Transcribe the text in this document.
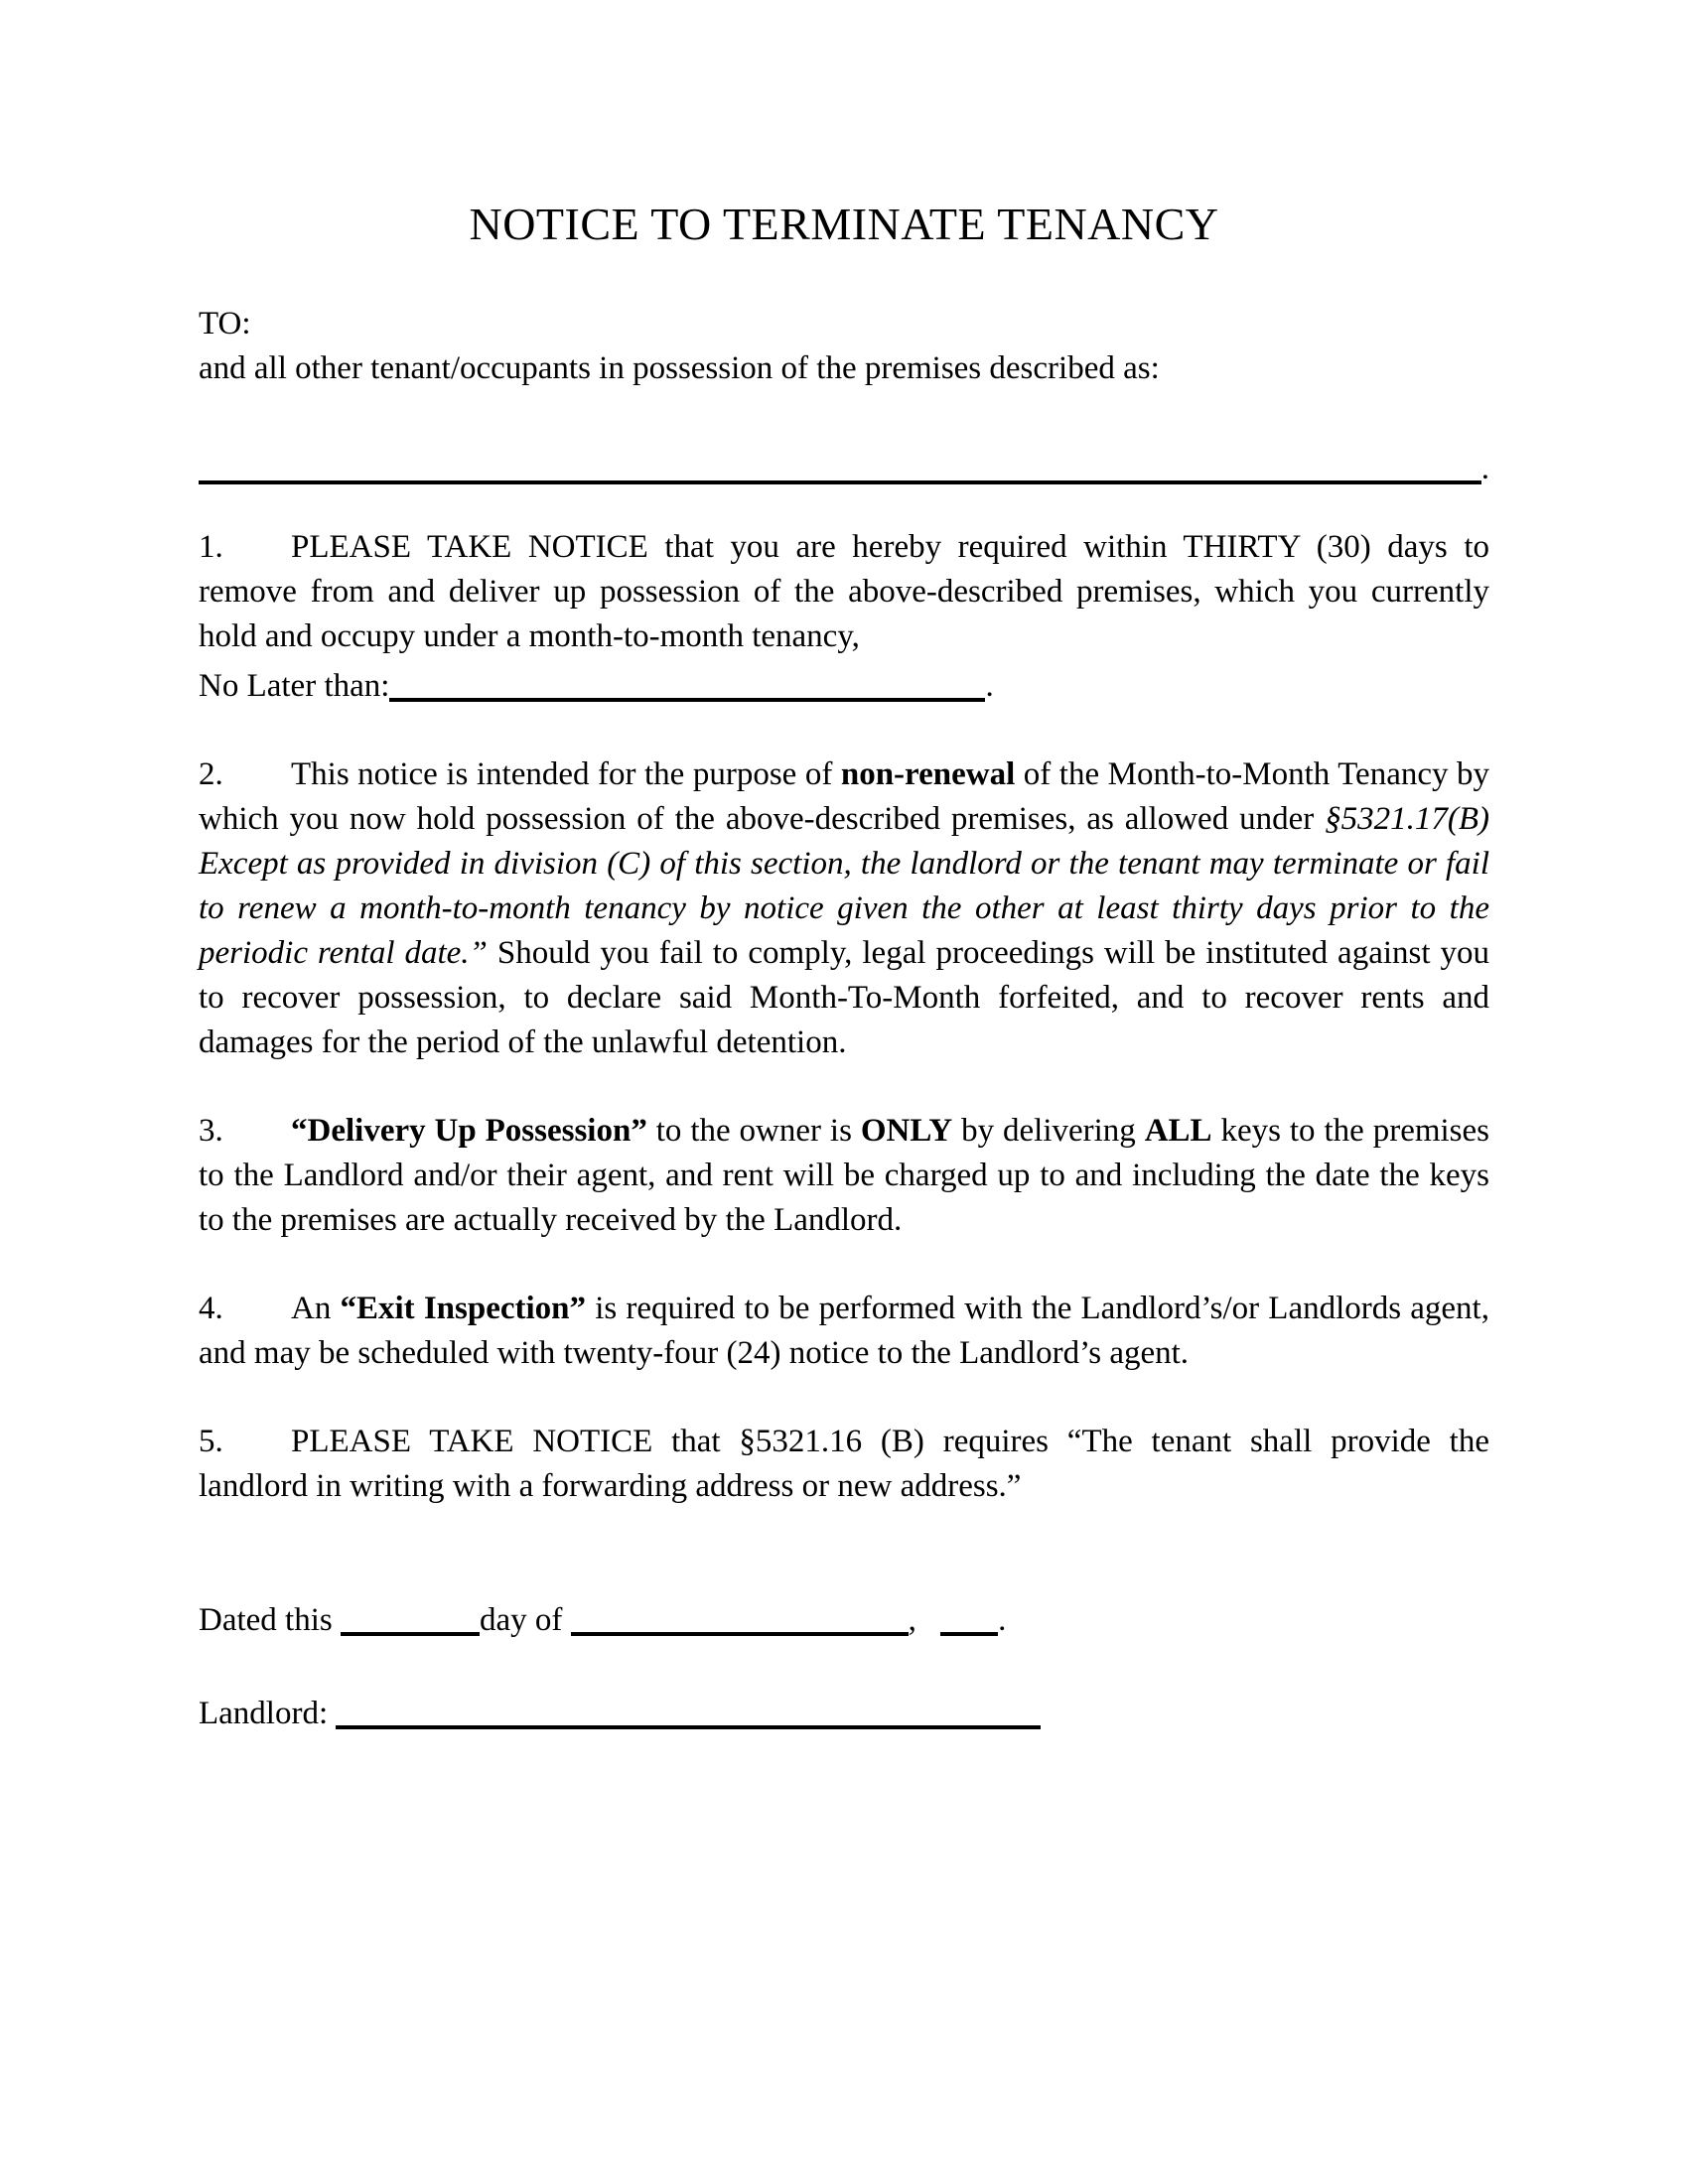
NOTICE TO TERMINATE TENANCY
TO:
and all other tenant/occupants in possession of the premises described as:
.

1. PLEASE TAKE NOTICE that you are hereby required within THIRTY (30) days to remove from and deliver up possession of the above-described premises, which you currently hold and occupy under a month-to-month tenancy,

No Later than:	.

2. This notice is intended for the purpose of non-renewal of the Month-to-Month Tenancy by which you now hold possession of the above-described premises, as allowed under §5321.17(B) Except as provided in division (C) of this section, the landlord or the tenant may terminate or fail to renew a month-to-month tenancy by notice given the other at least thirty days prior to the periodic rental date.” Should you fail to comply, legal proceedings will be instituted against you to recover possession, to declare said Month-To-Month forfeited, and to recover rents and damages for the period of the unlawful detention.

3. “Delivery Up Possession” to the owner is ONLY by delivering ALL keys to the premises to the Landlord and/or their agent, and rent will be charged up to and including the date the keys to the premises are actually received by the Landlord.

4. An “Exit Inspection” is required to be performed with the Landlord’s/or Landlords agent, and may be scheduled with twenty-four (24) notice to the Landlord’s agent.

5. PLEASE TAKE NOTICE that §5321.16 (B) requires “The tenant shall provide the landlord in writing with a forwarding address or new address.”

Dated this	day of	, .
Landlord:
